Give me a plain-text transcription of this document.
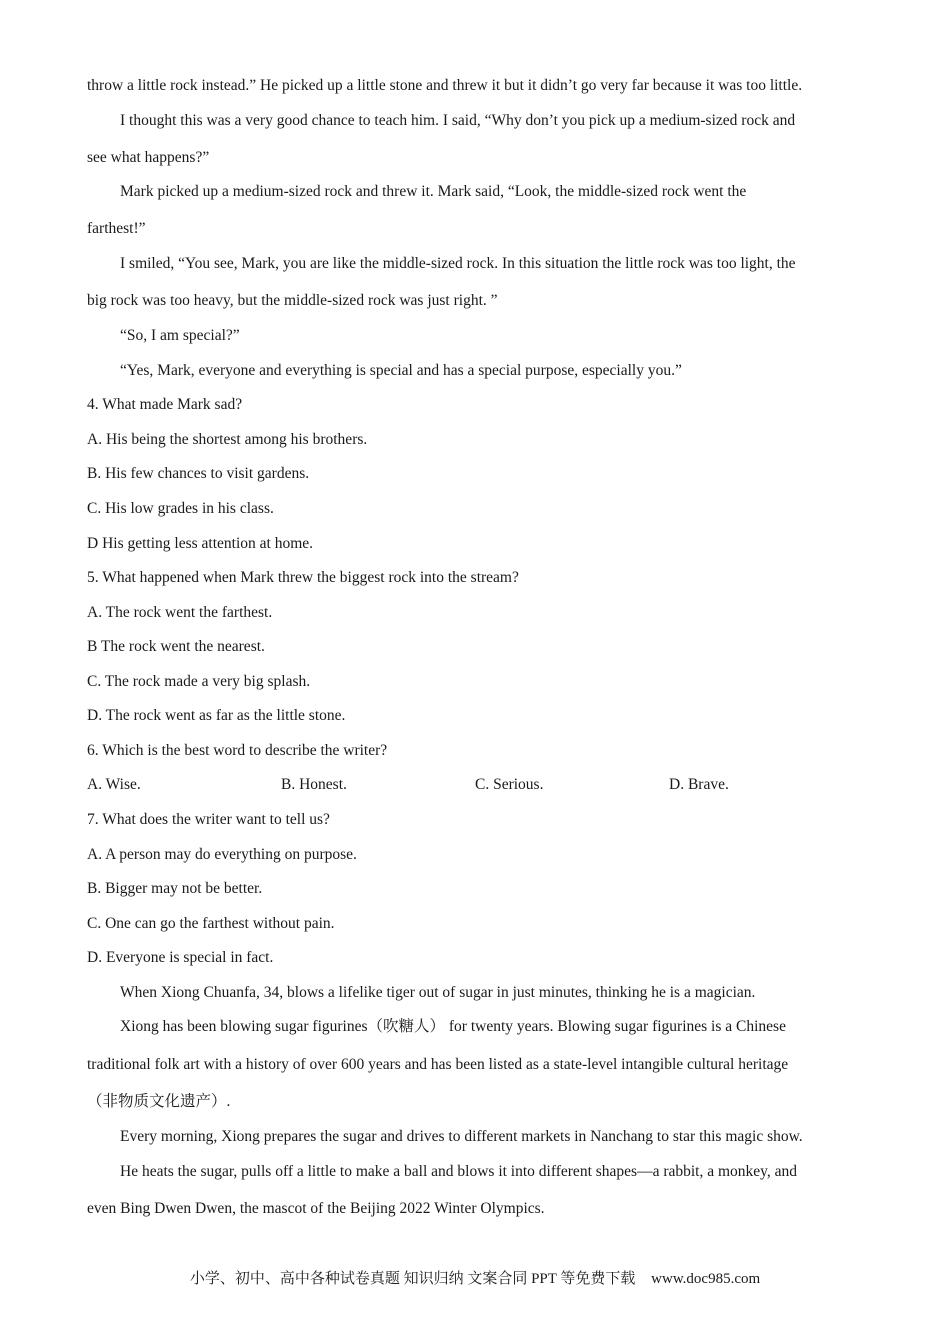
throw a little rock instead.” He picked up a little stone and threw it but it didn’t go very far because it was too little.
I thought this was a very good chance to teach him. I said, “Why don’t you pick up a medium-sized rock and
see what happens?”
Mark picked up a medium-sized rock and threw it. Mark said, “Look, the middle-sized rock went the
farthest!”
I smiled, “You see, Mark, you are like the middle-sized rock. In this situation the little rock was too light, the
big rock was too heavy, but the middle-sized rock was just right. ”
“So, I am special?”
“Yes, Mark, everyone and everything is special and has a special purpose, especially you.”
4. What made Mark sad?
A. His being the shortest among his brothers.
B. His few chances to visit gardens.
C. His low grades in his class.
D His getting less attention at home.
5. What happened when Mark threw the biggest rock into the stream?
A. The rock went the farthest.
B The rock went the nearest.
C. The rock made a very big splash.
D. The rock went as far as the little stone.
6. Which is the best word to describe the writer?
A. Wise.	B. Honest.	C. Serious.	D. Brave.
7. What does the writer want to tell us?
A. A person may do everything on purpose.
B. Bigger may not be better.
C. One can go the farthest without pain.
D. Everyone is special in fact.
When Xiong Chuanfa, 34, blows a lifelike tiger out of sugar in just minutes, thinking he is a magician.
Xiong has been blowing sugar figurines（吹糖人） for twenty years. Blowing sugar figurines is a Chinese
traditional folk art with a history of over 600 years and has been listed as a state-level intangible cultural heritage
（非物质文化遗产）.
Every morning, Xiong prepares the sugar and drives to different markets in Nanchang to star this magic show.
He heats the sugar, pulls off a little to make a ball and blows it into different shapes—a rabbit, a monkey, and
even Bing Dwen Dwen, the mascot of the Beijing 2022 Winter Olympics.
小学、初中、高中各种试卷真题 知识归纳 文案合同 PPT 等免费下载 www.doc985.com
